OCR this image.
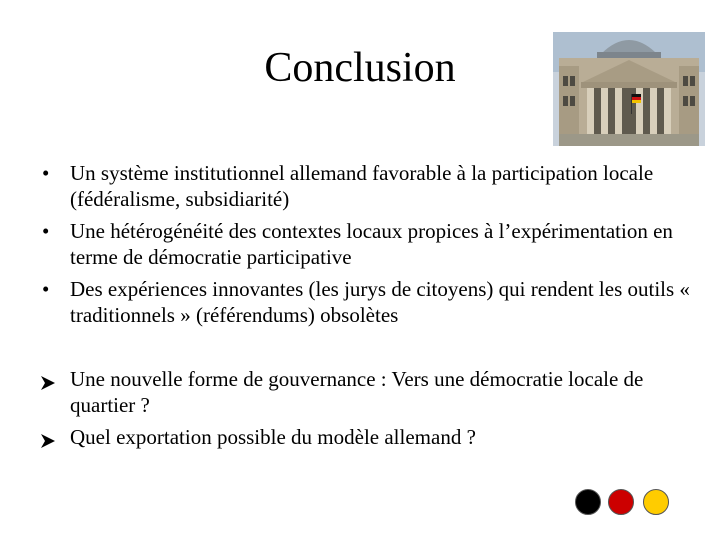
Conclusion
• Un système institutionnel allemand favorable à la participation locale (fédéralisme, subsidiarité)
• Une hétérogénéité des contextes locaux propices à l’expérimentation en terme de démocratie participative
• Des expériences innovantes (les jurys de citoyens) qui rendent les outils « traditionnels » (référendums) obsolètes
Une nouvelle forme de gouvernance : Vers une démocratie locale de quartier ?
Quel exportation possible du modèle allemand ?
